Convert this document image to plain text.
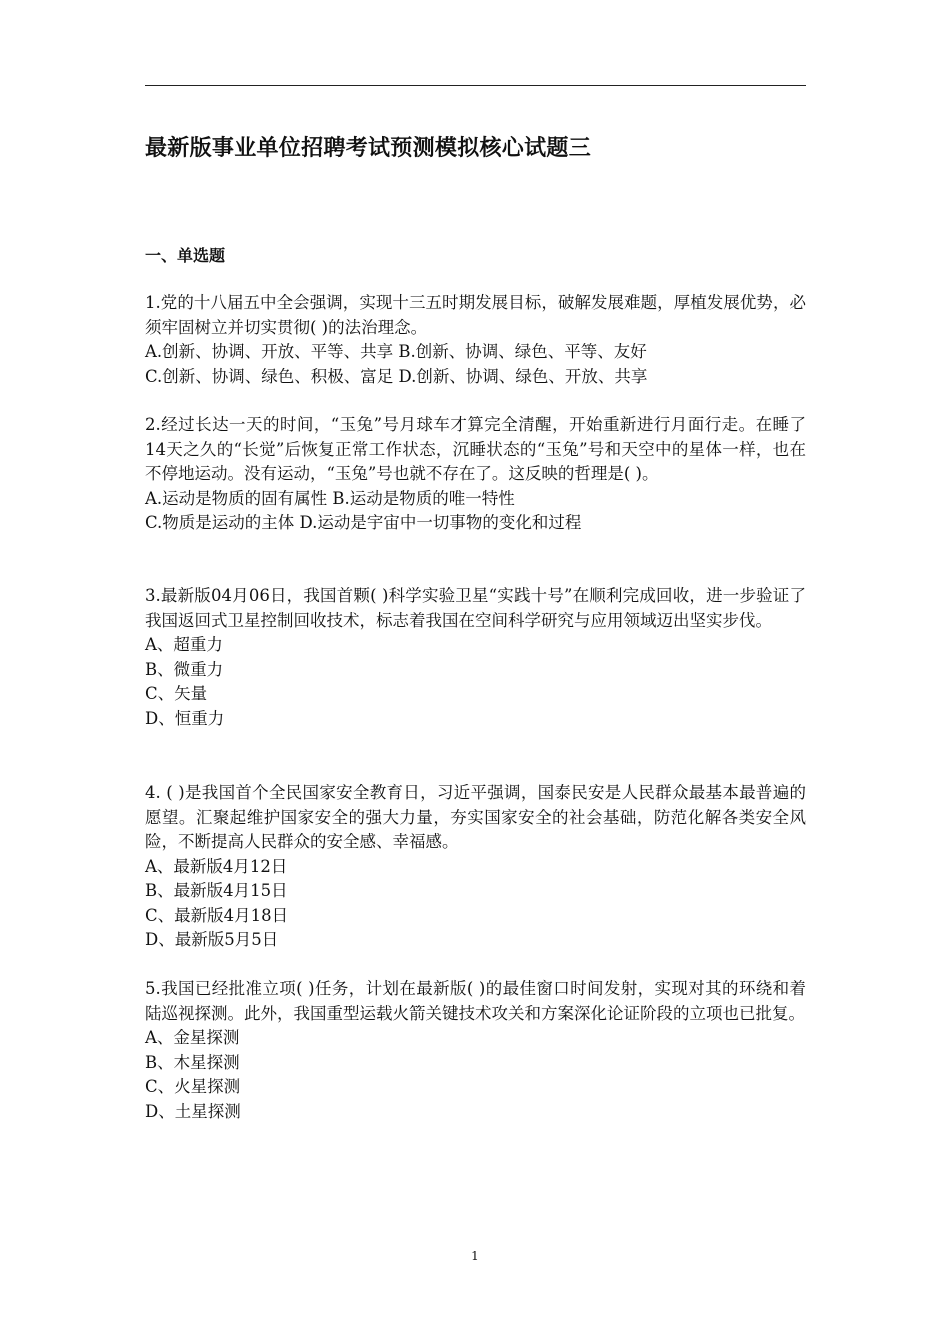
最新版事业单位招聘考试预测模拟核心试题三
一、单选题

1.党的十八届五中全会强调，实现十三五时期发展目标，破解发展难题，厚植发展优势，必须牢固树立并切实贯彻( )的法治理念。

A.创新、协调、开放、平等、共享 B.创新、协调、绿色、平等、友好

C.创新、协调、绿色、积极、富足 D.创新、协调、绿色、开放、共享

2.经过长达一天的时间，“玉兔”号月球车才算完全清醒，开始重新进行月面行走。在睡了14天之久的“长觉”后恢复正常工作状态，沉睡状态的“玉兔”号和天空中的星体一样，也在不停地运动。没有运动，“玉兔”号也就不存在了。这反映的哲理是( )。

A.运动是物质的固有属性 B.运动是物质的唯一特性

C.物质是运动的主体 D.运动是宇宙中一切事物的变化和过程

3.最新版04月06日，我国首颗( )科学实验卫星“实践十号”在顺利完成回收，进一步验证了我国返回式卫星控制回收技术，标志着我国在空间科学研究与应用领域迈出坚实步伐。

A、超重力

B、微重力

C、矢量

D、恒重力

4. ( )是我国首个全民国家安全教育日，习近平强调，国泰民安是人民群众最基本最普遍的愿望。汇聚起维护国家安全的强大力量，夯实国家安全的社会基础，防范化解各类安全风险，不断提高人民群众的安全感、幸福感。

A、最新版4月12日

B、最新版4月15日

C、最新版4月18日

D、最新版5月5日

5.我国已经批准立项( )任务，计划在最新版( )的最佳窗口时间发射，实现对其的环绕和着陆巡视探测。此外，我国重型运载火箭关键技术攻关和方案深化论证阶段的立项也已批复。

A、金星探测

B、木星探测

C、火星探测

D、土星探测

1
